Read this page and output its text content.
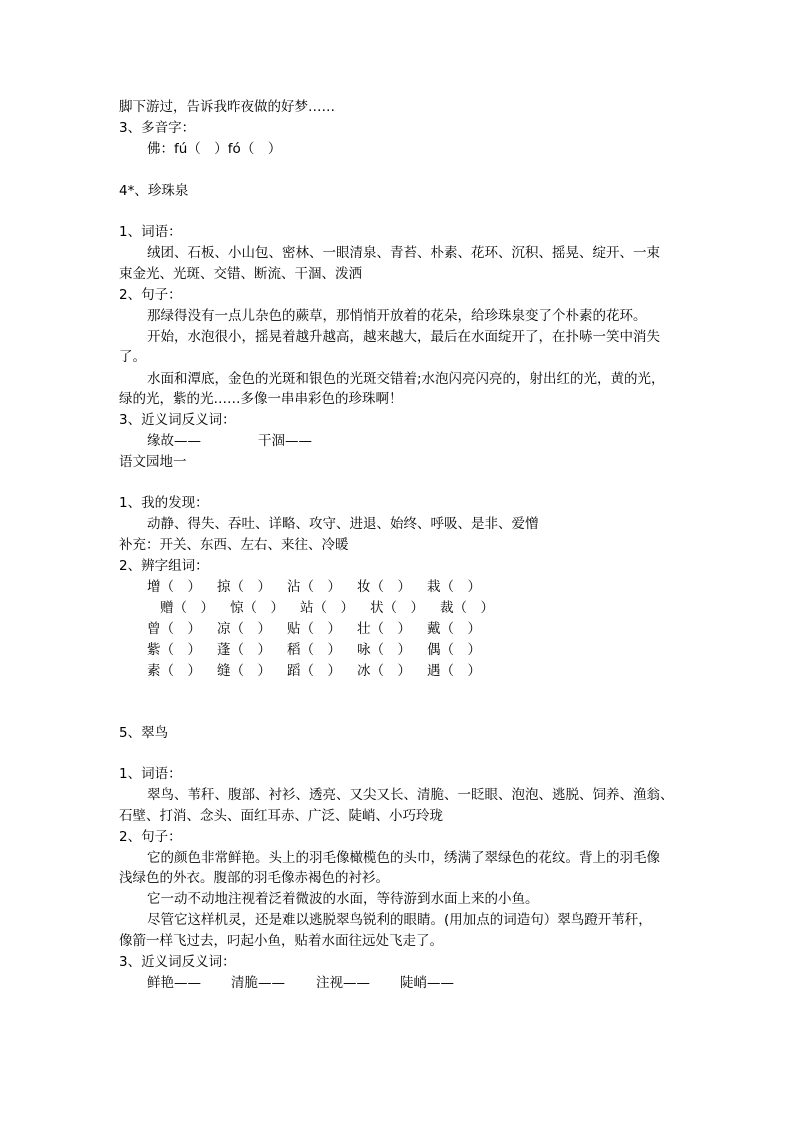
脚下游过，告诉我昨夜做的好梦……
3、多音字：
佛：fú（　）fó（　）
4*、珍珠泉
1、词语：
绒团、石板、小山包、密林、一眼清泉、青苔、朴素、花环、沉积、摇晃、绽开、一束
束金光、光斑、交错、断流、干涸、泼洒
2、句子：
那绿得没有一点儿杂色的蕨草，那悄悄开放着的花朵，给珍珠泉变了个朴素的花环。
开始，水泡很小，摇晃着越升越高，越来越大，最后在水面绽开了，在扑哧一笑中消失
了。
水面和潭底，金色的光斑和银色的光斑交错着;水泡闪亮闪亮的，射出红的光，黄的光，
绿的光，紫的光……多像一串串彩色的珍珠啊！
3、近义词反义词：
缘故——	干涸——
语文园地一
1、我的发现：
动静、得失、吞吐、详略、攻守、进退、始终、呼吸、是非、爱憎
补充：开关、东西、左右、来往、冷暖
2、辨字组词：
增（　） 掠（　） 沾（　） 妆（　） 栽（　）
赠（　） 惊（　） 站（　） 状（　） 裁（　）
曾（　） 凉（　） 贴（　） 壮（　） 戴（　）
紫（　） 蓬（　） 稻（　） 咏（　） 偶（　）
素（　） 缝（　） 蹈（　） 冰（　） 遇（　）
5、翠鸟
1、词语：
翠鸟、苇秆、腹部、衬衫、透亮、又尖又长、清脆、一眨眼、泡泡、逃脱、饲养、渔翁、
石壁、打消、念头、面红耳赤、广泛、陡峭、小巧玲珑
2、句子：
它的颜色非常鲜艳。头上的羽毛像橄榄色的头巾，绣满了翠绿色的花纹。背上的羽毛像
浅绿色的外衣。腹部的羽毛像赤褐色的衬衫。
它一动不动地注视着泛着微波的水面，等待游到水面上来的小鱼。
尽管它这样机灵，还是难以逃脱翠鸟锐利的眼睛。(用加点的词造句）翠鸟蹬开苇秆，
像箭一样飞过去，叼起小鱼，贴着水面往远处飞走了。
3、近义词反义词：
鲜艳—— 清脆—— 注视—— 陡峭——
